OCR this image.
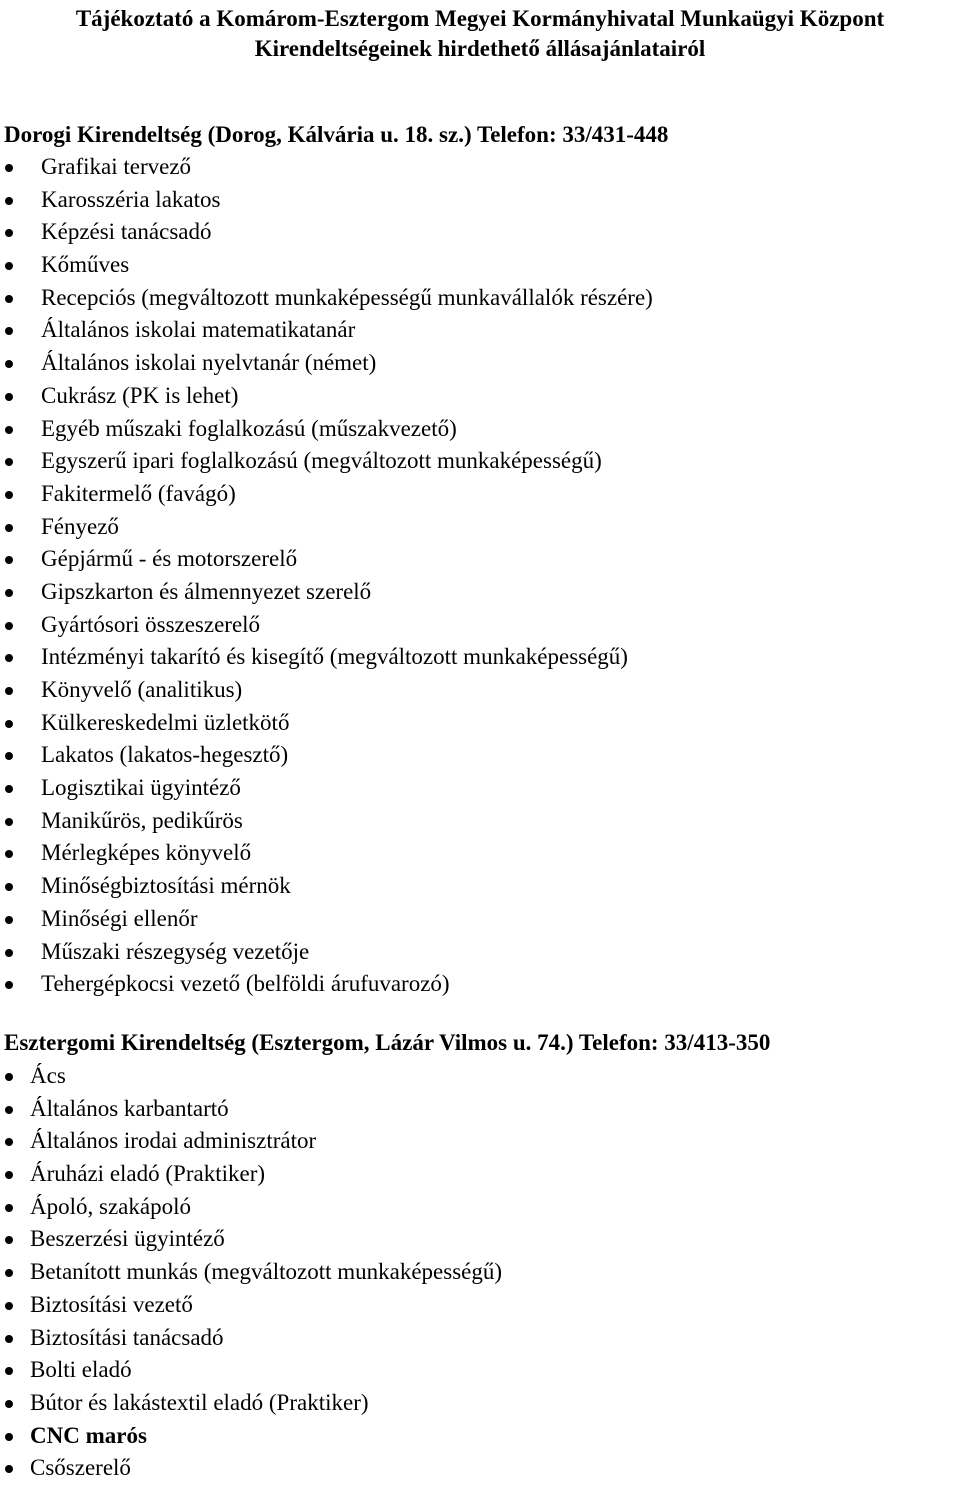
Tájékoztató a Komárom-Esztergom Megyei Kormányhivatal Munkaügyi Központ
Kirendeltségeinek hirdethető állásajánlatairól
Dorogi Kirendeltség (Dorog, Kálvária u. 18. sz.) Telefon: 33/431-448
Grafikai tervező
Karosszéria lakatos
Képzési tanácsadó
Kőműves
Recepciós (megváltozott munkaképességű munkavállalók részére)
Általános iskolai matematikatanár
Általános iskolai nyelvtanár (német)
Cukrász (PK is lehet)
Egyéb műszaki foglalkozású (műszakvezető)
Egyszerű ipari foglalkozású (megváltozott munkaképességű)
Fakitermelő (favágó)
Fényező
Gépjármű - és motorszerelő
Gipszkarton és álmennyezet szerelő
Gyártósori összeszerelő
Intézményi takarító és kisegítő (megváltozott munkaképességű)
Könyvelő (analitikus)
Külkereskedelmi üzletkötő
Lakatos (lakatos-hegesztő)
Logisztikai ügyintéző
Manikűrös, pedikűrös
Mérlegképes könyvelő
Minőségbiztosítási mérnök
Minőségi ellenőr
Műszaki részegység vezetője
Tehergépkocsi vezető (belföldi árufuvarozó)
Esztergomi Kirendeltség (Esztergom, Lázár Vilmos u. 74.) Telefon: 33/413-350
Ács
Általános karbantartó
Általános irodai adminisztrátor
Áruházi eladó (Praktiker)
Ápoló, szakápoló
Beszerzési ügyintéző
Betanított munkás (megváltozott munkaképességű)
Biztosítási vezető
Biztosítási tanácsadó
Bolti eladó
Bútor és lakástextil eladó (Praktiker)
CNC marós
Csőszerelő
